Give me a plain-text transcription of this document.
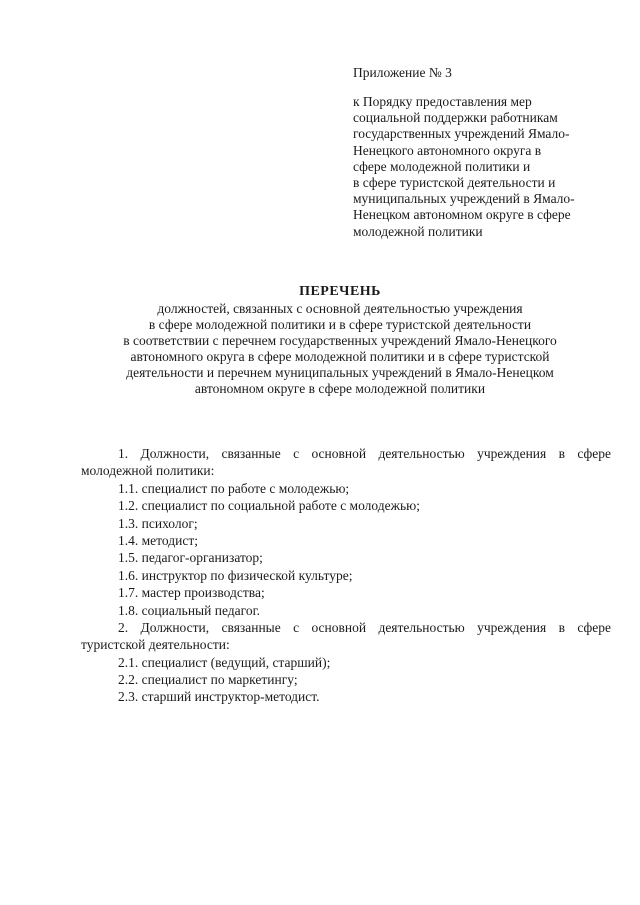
Приложение № 3
к Порядку предоставления мер
социальной поддержки работникам
государственных учреждений Ямало-
Ненецкого автономного округа в
сфере молодежной политики и
в сфере туристской деятельности и
муниципальных учреждений в Ямало-
Ненецком автономном округе в сфере
молодежной политики
ПЕРЕЧЕНЬ
должностей, связанных с основной деятельностью учреждения
в сфере молодежной политики и в сфере туристской деятельности
в соответствии с перечнем государственных учреждений Ямало-Ненецкого
автономного округа в сфере молодежной политики и в сфере туристской
деятельности и перечнем муниципальных учреждений в Ямало-Ненецком
автономном округе в сфере молодежной политики
1. Должности, связанные с основной деятельностью учреждения в сфере
молодежной политики:
1.1. специалист по работе с молодежью;
1.2. специалист по социальной работе с молодежью;
1.3. психолог;
1.4. методист;
1.5. педагог-организатор;
1.6. инструктор по физической культуре;
1.7. мастер производства;
1.8. социальный педагог.
2. Должности, связанные с основной деятельностью учреждения в сфере
туристской деятельности:
2.1. специалист (ведущий, старший);
2.2. специалист по маркетингу;
2.3. старший инструктор-методист.
